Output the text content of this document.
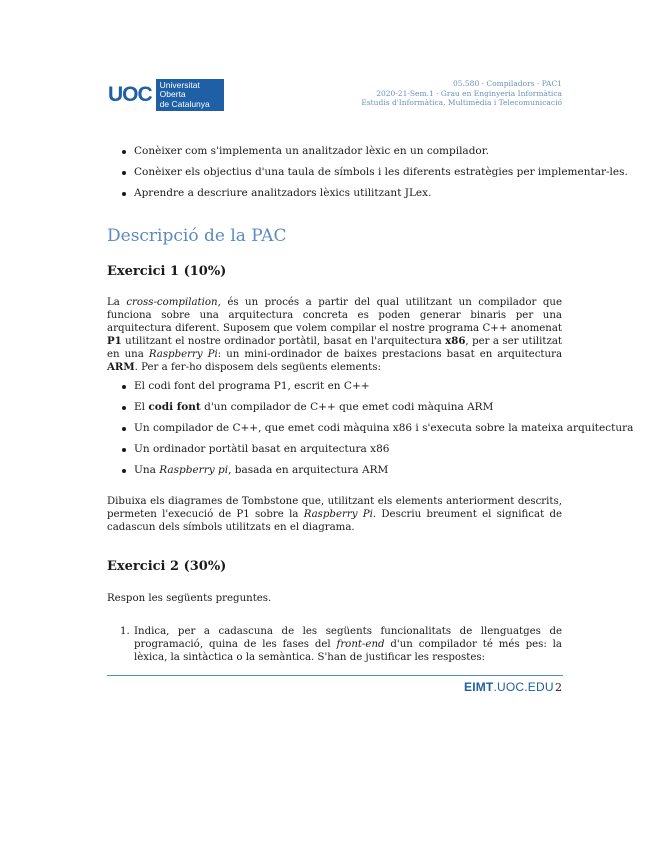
UOC Universitat Oberta
de Catalunya
05.580 · Compiladors · PAC1
2020-21-Sem.1 · Grau en Enginyeria Informàtica
Estudis d'Informàtica, Multimèdia i Telecomunicació
Conèixer com s'implementa un analitzador lèxic en un compilador.
Conèixer els objectius d'una taula de símbols i les diferents estratègies per implementar-les.
Aprendre a descriure analitzadors lèxics utilitzant JLex.
Descripció de la PAC
Exercici 1 (10%)
La cross-compilation, és un procés a partir del qual utilitzant un compilador que funciona sobre una arquitectura concreta es poden generar binaris per una arquitectura diferent. Suposem que volem compilar el nostre programa C++ anomenat P1 utilitzant el nostre ordinador portàtil, basat en l'arquitectura x86, per a ser utilitzat en una Raspberry Pi: un mini-ordinador de baixes prestacions basat en arquitectura ARM. Per a fer-ho disposem dels següents elements:
El codi font del programa P1, escrit en C++
El codi font d'un compilador de C++ que emet codi màquina ARM
Un compilador de C++, que emet codi màquina x86 i s'executa sobre la mateixa arquitectura
Un ordinador portàtil basat en arquitectura x86
Una Raspberry pi, basada en arquitectura ARM
Dibuixa els diagrames de Tombstone que, utilitzant els elements anteriorment descrits, permeten l'execució de P1 sobre la Raspberry Pi. Descriu breument el significat de cadascun dels símbols utilitzats en el diagrama.
Exercici 2 (30%)
Respon les següents preguntes.
1. Indica, per a cadascuna de les següents funcionalitats de llenguatges de programació, quina de les fases del front-end d'un compilador té més pes: la lèxica, la sintàctica o la semàntica. S'han de justificar les respostes:
EIMT.UOC.EDU 2
